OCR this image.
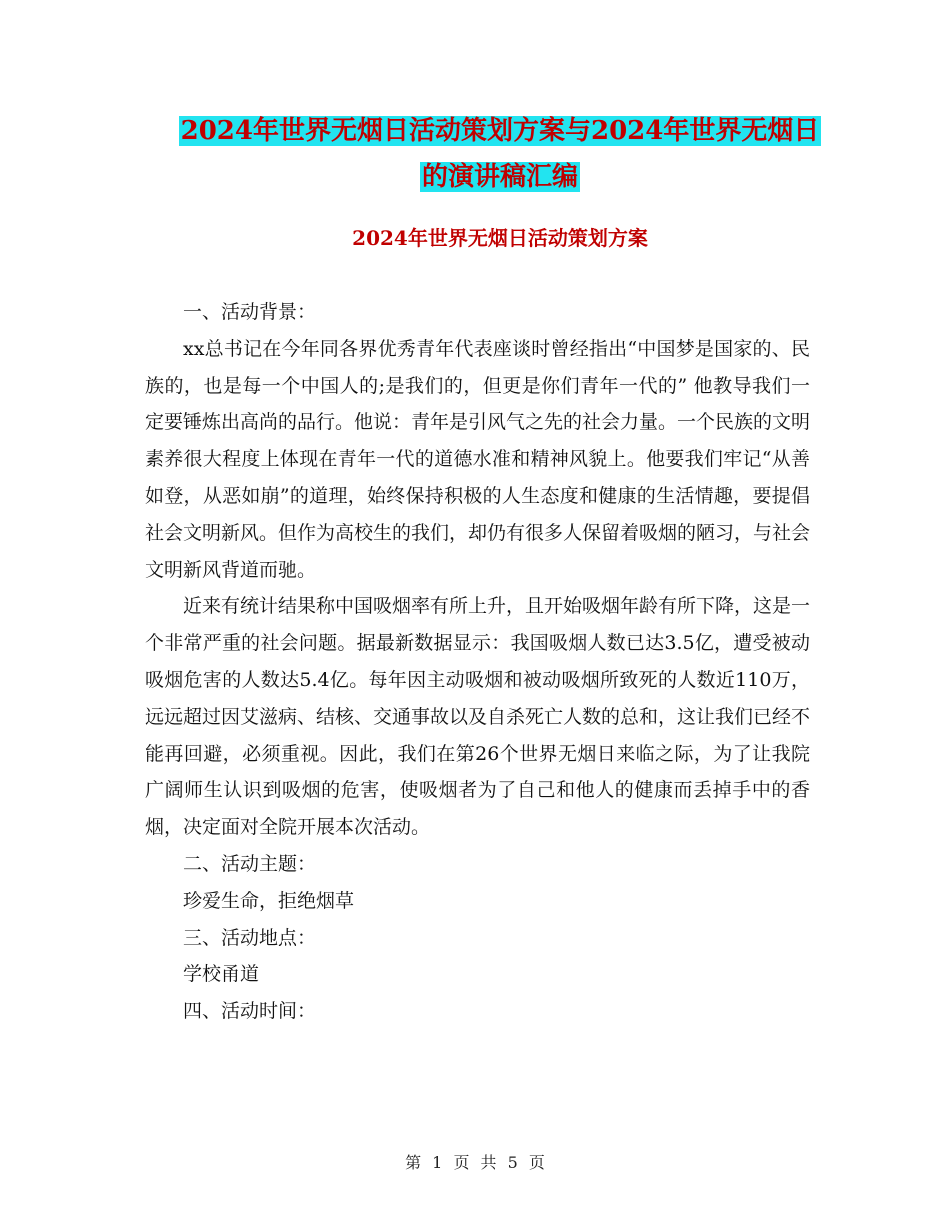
2024年世界无烟日活动策划方案与2024年世界无烟日
的演讲稿汇编
2024年世界无烟日活动策划方案

一、活动背景：

xx总书记在今年同各界优秀青年代表座谈时曾经指出“中国梦是国家的、民族的，也是每一个中国人的;是我们的，但更是你们青年一代的” 他教导我们一定要锤炼出高尚的品行。他说：青年是引风气之先的社会力量。一个民族的文明素养很大程度上体现在青年一代的道德水准和精神风貌上。他要我们牢记“从善如登，从恶如崩”的道理，始终保持积极的人生态度和健康的生活情趣，要提倡社会文明新风。但作为高校生的我们，却仍有很多人保留着吸烟的陋习，与社会文明新风背道而驰。

近来有统计结果称中国吸烟率有所上升，且开始吸烟年龄有所下降，这是一个非常严重的社会问题。据最新数据显示：我国吸烟人数已达3.5亿，遭受被动吸烟危害的人数达5.4亿。每年因主动吸烟和被动吸烟所致死的人数近110万，远远超过因艾滋病、结核、交通事故以及自杀死亡人数的总和，这让我们已经不能再回避，必须重视。因此，我们在第26个世界无烟日来临之际，为了让我院广阔师生认识到吸烟的危害，使吸烟者为了自己和他人的健康而丢掉手中的香烟，决定面对全院开展本次活动。

二、活动主题：

珍爱生命，拒绝烟草

三、活动地点：

学校甬道

四、活动时间：

第 1 页 共 5 页
